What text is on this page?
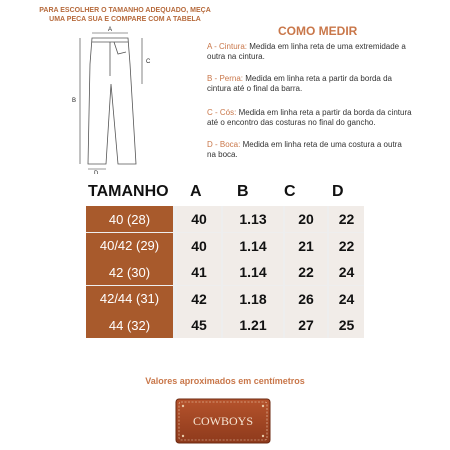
PARA ESCOLHER O TAMANHO ADEQUADO, MEÇA
UMA PECA SUA E COMPARE COM A TABELA
A
B
C
D
COMO MEDIR
A - Cintura: Medida em linha reta de uma extremidade a
outra na cintura.
B - Perna: Medida em linha reta a partir da borda da
cintura até o final da barra.
C - Cós: Medida em linha reta a partir da borda da cintura
até o encontro das costuras no final do gancho.
D - Boca: Medida em linha reta de uma costura a outra
na boca.
TAMANHO A B C D
40 (28)	40	1.13	20	22
40/42 (29)	40	1.14	21	22
42 (30)	41	1.14	22	24
42/44 (31)	42	1.18	26	24
44 (32)	45	1.21	27	25
Valores aproximados em centímetros
COWBOYS
